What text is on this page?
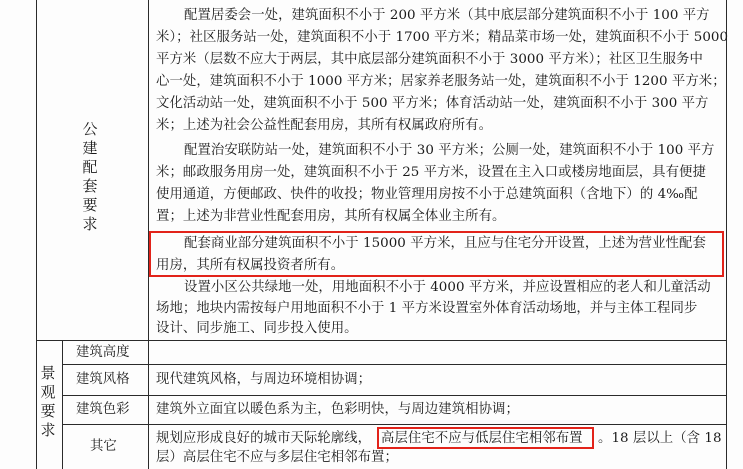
公
建
配
套
要
求
配置居委会一处，建筑面积不小于 200 平方米（其中底层部分建筑面积不小于 100 平方
米）；社区服务站一处，建筑面积不小于 1700 平方米；精品菜市场一处，建筑面积不小于 5000
平方米（层数不应大于两层，其中底层部分建筑面积不小于 3000 平方米）；社区卫生服务中
心一处，建筑面积不小于 1000 平方米；居家养老服务站一处，建筑面积不小于 1200 平方米；
文化活动站一处，建筑面积不小于 500 平方米；体育活动站一处，建筑面积不小于 300 平方
米；上述为社会公益性配套用房，其所有权属政府所有。
配置治安联防站一处，建筑面积不小于 30 平方米；公厕一处，建筑面积不小于 100 平方
米；邮政服务用房一处，建筑面积不小于 25 平方米，设置在主入口或楼房地面层，具有便捷
使用通道，方便邮政、快件的收投；物业管理用房按不小于总建筑面积（含地下）的 4‰配
置；上述为非营业性配套用房，其所有权属全体业主所有。
配套商业部分建筑面积不小于 15000 平方米，且应与住宅分开设置，上述为营业性配套
用房，其所有权属投资者所有。
设置小区公共绿地一处，用地面积不小于 4000 平方米，并应设置相应的老人和儿童活动
场地；地块内需按每户用地面积不小于 1 平方米设置室外体育活动场地，并与主体工程同步
设计、同步施工、同步投入使用。
景
观
要
求
建筑高度
建筑风格 现代建筑风格，与周边环境相协调；
建筑色彩 建筑外立面宜以暖色系为主，色彩明快，与周边建筑相协调；
其它
规划应形成良好的城市天际轮廓线， 高层住宅不应与低层住宅相邻布置 。18 层以上（含 18
层）高层住宅不应与多层住宅相邻布置；
